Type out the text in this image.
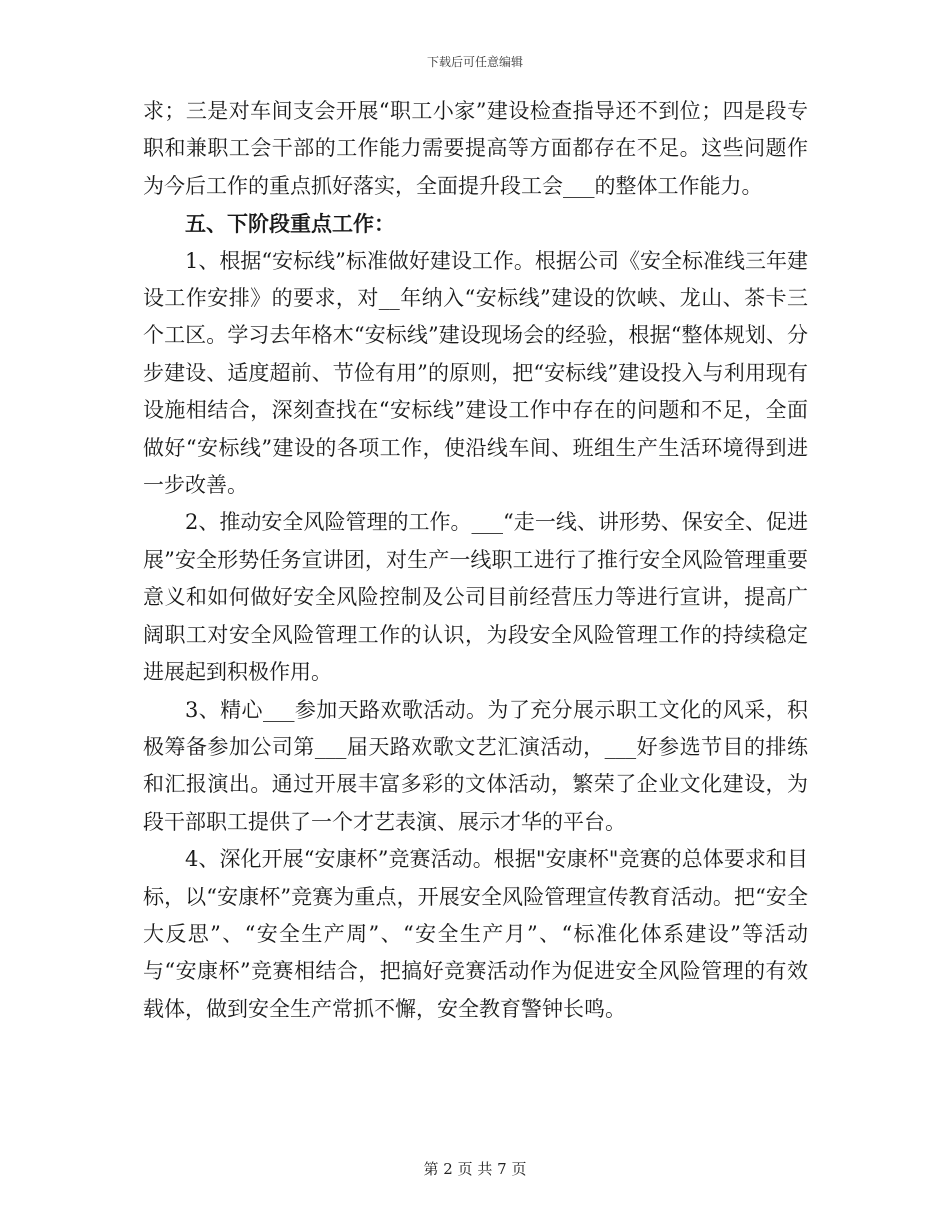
下载后可任意编辑

求；三是对车间支会开展“职工小家”建设检查指导还不到位；四是段专职和兼职工会干部的工作能力需要提高等方面都存在不足。这些问题作为今后工作的重点抓好落实，全面提升段工会___的整体工作能力。

五、下阶段重点工作：

1、根据“安标线”标准做好建设工作。根据公司《安全标准线三年建设工作安排》的要求，对__年纳入“安标线”建设的饮峡、龙山、茶卡三个工区。学习去年格木“安标线”建设现场会的经验，根据“整体规划、分步建设、适度超前、节俭有用”的原则，把“安标线”建设投入与利用现有设施相结合，深刻查找在“安标线”建设工作中存在的问题和不足，全面做好“安标线”建设的各项工作，使沿线车间、班组生产生活环境得到进一步改善。

2、推动安全风险管理的工作。___“走一线、讲形势、保安全、促进展”安全形势任务宣讲团，对生产一线职工进行了推行安全风险管理重要意义和如何做好安全风险控制及公司目前经营压力等进行宣讲，提高广阔职工对安全风险管理工作的认识，为段安全风险管理工作的持续稳定进展起到积极作用。

3、精心___参加天路欢歌活动。为了充分展示职工文化的风采，积极筹备参加公司第___届天路欢歌文艺汇演活动，___好参选节目的排练和汇报演出。通过开展丰富多彩的文体活动，繁荣了企业文化建设，为段干部职工提供了一个才艺表演、展示才华的平台。

4、深化开展“安康杯”竞赛活动。根据"安康杯"竞赛的总体要求和目标，以“安康杯”竞赛为重点，开展安全风险管理宣传教育活动。把“安全大反思”、“安全生产周”、“安全生产月”、“标准化体系建设”等活动与“安康杯”竞赛相结合，把搞好竞赛活动作为促进安全风险管理的有效载体，做到安全生产常抓不懈，安全教育警钟长鸣。

第 2 页 共 7 页
